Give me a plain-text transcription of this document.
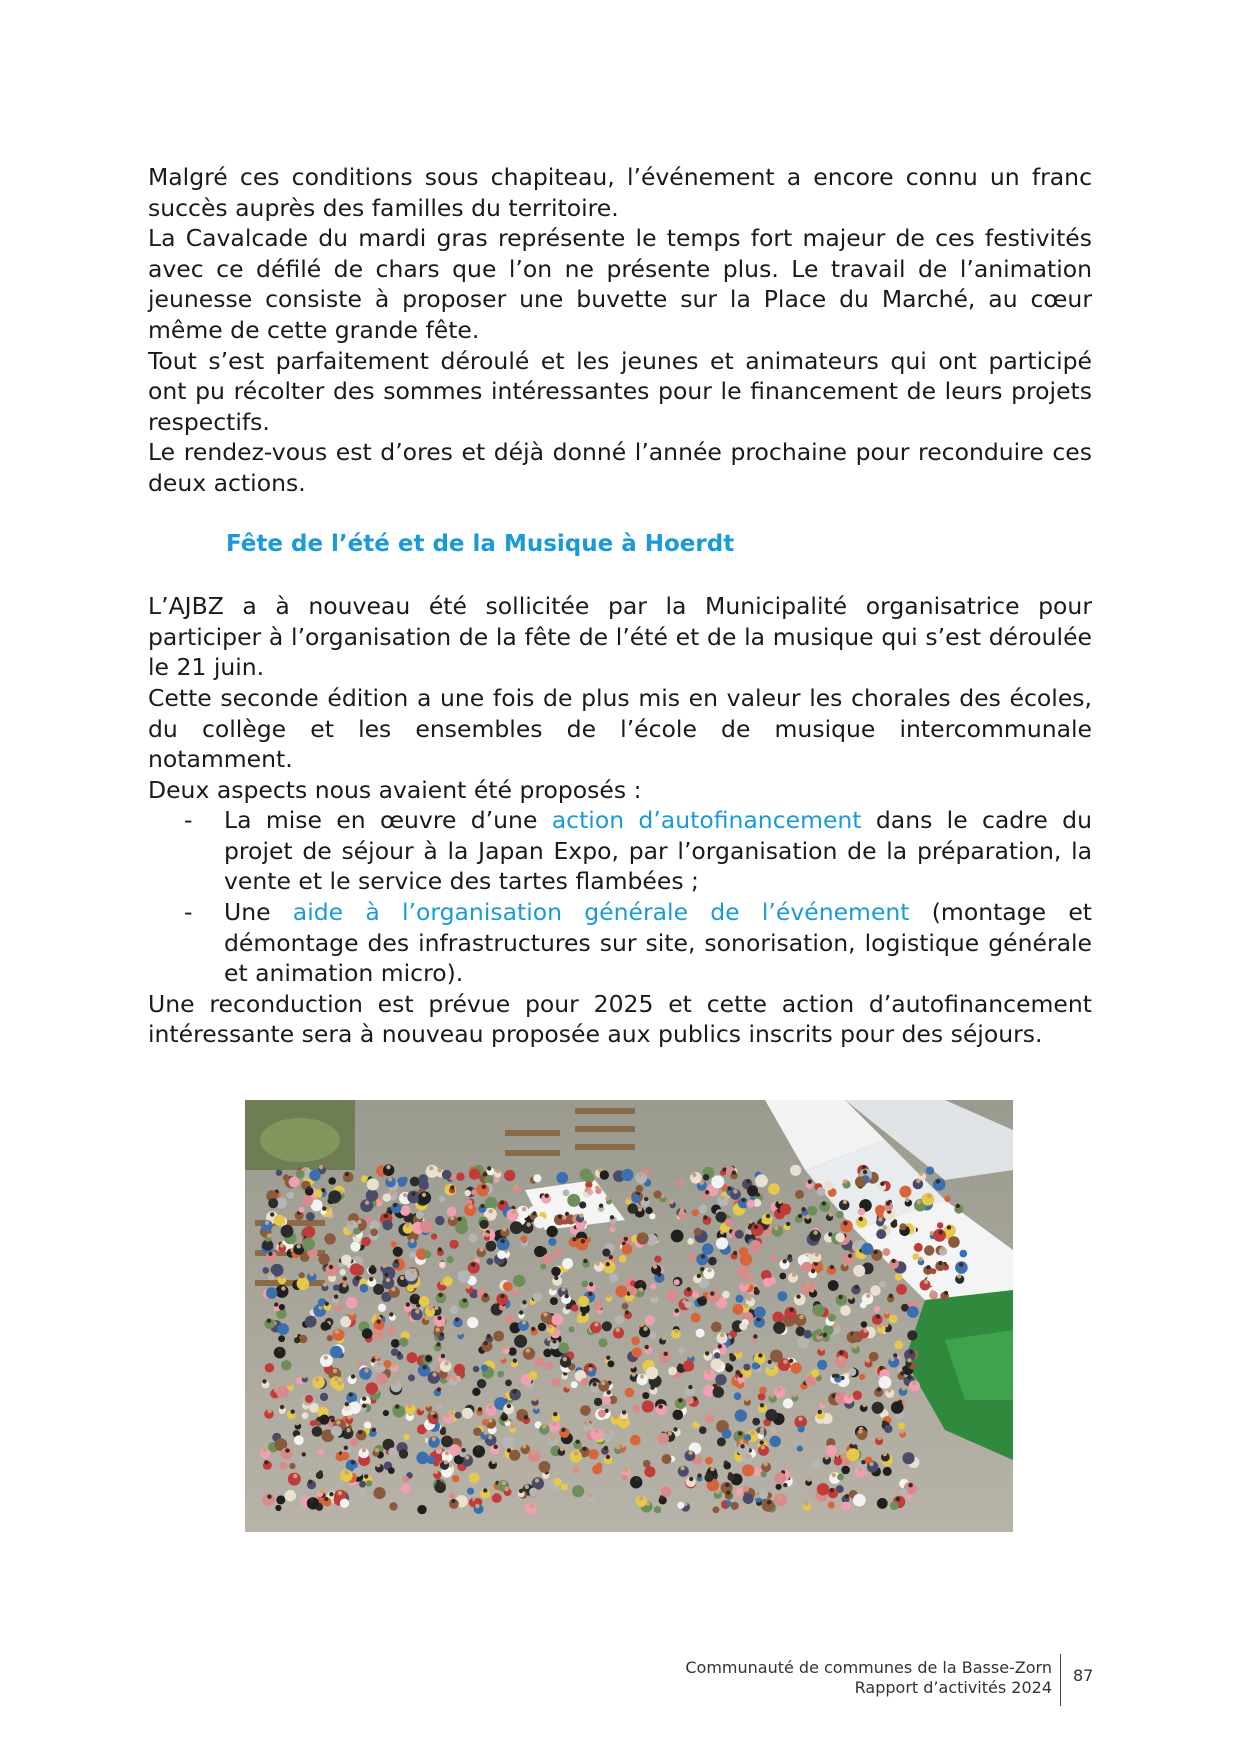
Malgré ces conditions sous chapiteau, l’événement a encore connu un franc succès auprès des familles du territoire.

La Cavalcade du mardi gras représente le temps fort majeur de ces festivités avec ce défilé de chars que l’on ne présente plus. Le travail de l’animation jeunesse consiste à proposer une buvette sur la Place du Marché, au cœur même de cette grande fête.

Tout s’est parfaitement déroulé et les jeunes et animateurs qui ont participé ont pu récolter des sommes intéressantes pour le financement de leurs projets respectifs.

Le rendez-vous est d’ores et déjà donné l’année prochaine pour reconduire ces deux actions.

Fête de l’été et de la Musique à Hoerdt

L’AJBZ a à nouveau été sollicitée par la Municipalité organisatrice pour participer à l’organisation de la fête de l’été et de la musique qui s’est déroulée le 21 juin.

Cette seconde édition a une fois de plus mis en valeur les chorales des écoles, du collège et les ensembles de l’école de musique intercommunale notamment.

Deux aspects nous avaient été proposés :

- La mise en œuvre d’une action d’autofinancement dans le cadre du projet de séjour à la Japan Expo, par l’organisation de la préparation, la vente et le service des tartes flambées ;
- Une aide à l’organisation générale de l’événement (montage et démontage des infrastructures sur site, sonorisation, logistique générale et animation micro).

Une reconduction est prévue pour 2025 et cette action d’autofinancement intéressante sera à nouveau proposée aux publics inscrits pour des séjours.

Communauté de communes de la Basse-Zorn
Rapport d’activités 2024
87
